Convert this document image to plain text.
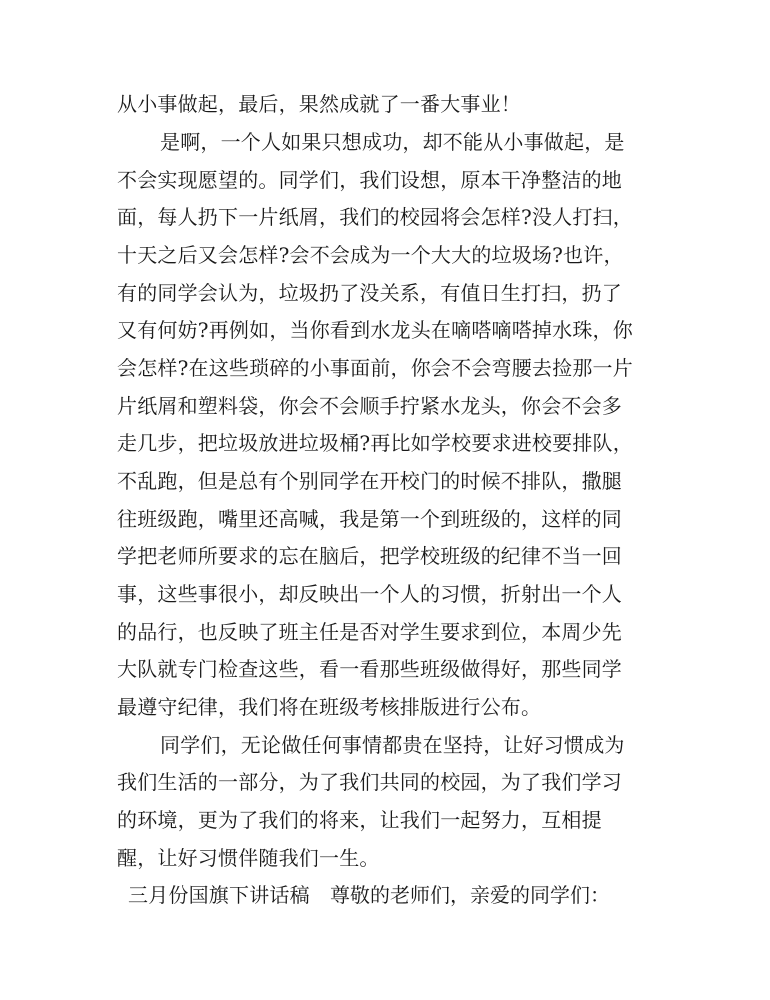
从小事做起，最后，果然成就了一番大事业！
是啊，一个人如果只想成功，却不能从小事做起，是
不会实现愿望的。同学们，我们设想，原本干净整洁的地
面，每人扔下一片纸屑，我们的校园将会怎样?没人打扫，
十天之后又会怎样?会不会成为一个大大的垃圾场?也许，
有的同学会认为，垃圾扔了没关系，有值日生打扫，扔了
又有何妨?再例如，当你看到水龙头在嘀嗒嘀嗒掉水珠，你
会怎样?在这些琐碎的小事面前，你会不会弯腰去捡那一片
片纸屑和塑料袋，你会不会顺手拧紧水龙头，你会不会多
走几步，把垃圾放进垃圾桶?再比如学校要求进校要排队，
不乱跑，但是总有个别同学在开校门的时候不排队，撒腿
往班级跑，嘴里还高喊，我是第一个到班级的，这样的同
学把老师所要求的忘在脑后，把学校班级的纪律不当一回
事，这些事很小，却反映出一个人的习惯，折射出一个人
的品行，也反映了班主任是否对学生要求到位，本周少先
大队就专门检查这些，看一看那些班级做得好，那些同学
最遵守纪律，我们将在班级考核排版进行公布。
同学们，无论做任何事情都贵在坚持，让好习惯成为
我们生活的一部分，为了我们共同的校园，为了我们学习
的环境，更为了我们的将来，让我们一起努力，互相提
醒，让好习惯伴随我们一生。
三月份国旗下讲话稿 尊敬的老师们，亲爱的同学们：
